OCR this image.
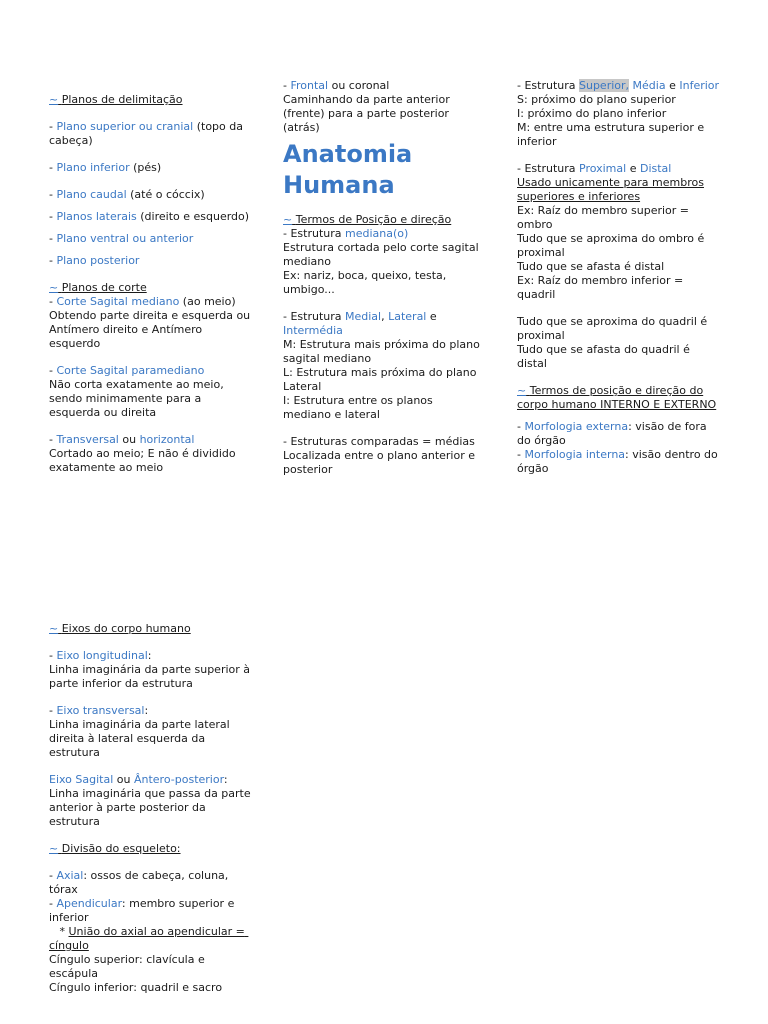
~ Planos de delimitação

- Plano superior ou cranial (topo da cabeça)

- Plano inferior (pés)

- Plano caudal (até o cóccix)

- Planos laterais (direito e esquerdo)

- Plano ventral ou anterior

- Plano posterior

~ Planos de corte

- Corte Sagital mediano (ao meio)

Obtendo parte direita e esquerda ou Antímero direito e Antímero esquerdo

- Corte Sagital paramediano

Não corta exatamente ao meio, sendo minimamente para a esquerda ou direita

- Transversal ou horizontal

Cortado ao meio; E não é dividido exatamente ao meio

- Frontal ou coronal

Caminhando da parte anterior (frente) para a parte posterior (atrás)

Anatomia Humana

~ Termos de Posição e direção

- Estrutura mediana(o)

Estrutura cortada pelo corte sagital mediano

Ex: nariz, boca, queixo, testa, umbigo...

- Estrutura Medial, Lateral e Intermédia

M: Estrutura mais próxima do plano sagital mediano

L: Estrutura mais próxima do plano Lateral

I: Estrutura entre os planos mediano e lateral

- Estruturas comparadas = médias

Localizada entre o plano anterior e posterior

- Estrutura Superior, Média e Inferior

S: próximo do plano superior

I: próximo do plano inferior

M: entre uma estrutura superior e inferior

- Estrutura Proximal e Distal

Usado unicamente para membros superiores e inferiores

Ex: Raíz do membro superior = ombro

Tudo que se aproxima do ombro é proximal

Tudo que se afasta é distal

Ex: Raíz do membro inferior = quadril

Tudo que se aproxima do quadril é proximal

Tudo que se afasta do quadril é distal

~ Termos de posição e direção do corpo humano INTERNO E EXTERNO

- Morfologia externa: visão de fora do órgão

- Morfologia interna: visão dentro do órgão

~ Eixos do corpo humano

- Eixo longitudinal:

Linha imaginária da parte superior à parte inferior da estrutura

- Eixo transversal:

Linha imaginária da parte lateral direita à lateral esquerda da estrutura

Eixo Sagital ou Ântero-posterior:

Linha imaginária que passa da parte anterior à parte posterior da estrutura

~ Divisão do esqueleto:

- Axial: ossos de cabeça, coluna, tórax

- Apendicular: membro superior e inferior

* União do axial ao apendicular = cíngulo

Cíngulo superior: clavícula e escápula

Cíngulo inferior: quadril e sacro
